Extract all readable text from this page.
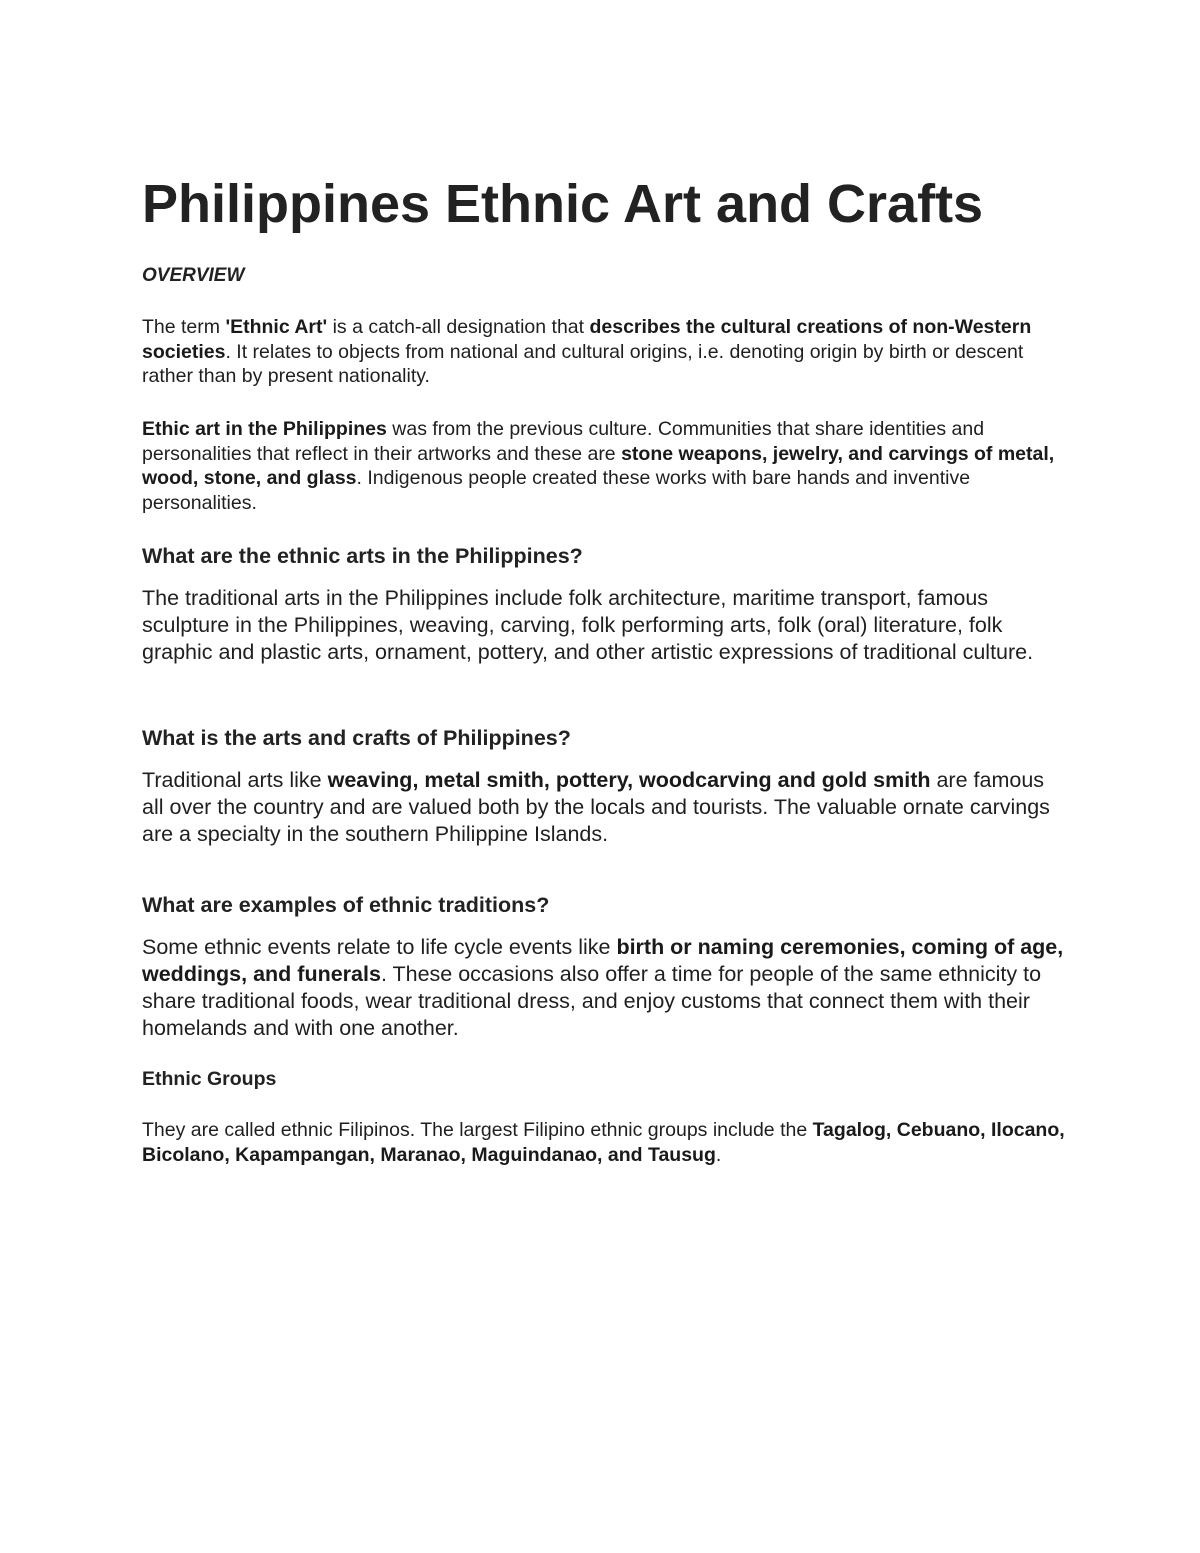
Philippines Ethnic Art and Crafts

OVERVIEW

The term 'Ethnic Art' is a catch-all designation that describes the cultural creations of non-Western societies. It relates to objects from national and cultural origins, i.e. denoting origin by birth or descent rather than by present nationality.

Ethic art in the Philippines was from the previous culture. Communities that share identities and personalities that reflect in their artworks and these are stone weapons, jewelry, and carvings of metal, wood, stone, and glass. Indigenous people created these works with bare hands and inventive personalities.

What are the ethnic arts in the Philippines?

The traditional arts in the Philippines include folk architecture, maritime transport, famous sculpture in the Philippines, weaving, carving, folk performing arts, folk (oral) literature, folk graphic and plastic arts, ornament, pottery, and other artistic expressions of traditional culture.

What is the arts and crafts of Philippines?

Traditional arts like weaving, metal smith, pottery, woodcarving and gold smith are famous all over the country and are valued both by the locals and tourists. The valuable ornate carvings are a specialty in the southern Philippine Islands.

What are examples of ethnic traditions?

Some ethnic events relate to life cycle events like birth or naming ceremonies, coming of age, weddings, and funerals. These occasions also offer a time for people of the same ethnicity to share traditional foods, wear traditional dress, and enjoy customs that connect them with their homelands and with one another.

Ethnic Groups

They are called ethnic Filipinos. The largest Filipino ethnic groups include the Tagalog, Cebuano, Ilocano, Bicolano, Kapampangan, Maranao, Maguindanao, and Tausug.
